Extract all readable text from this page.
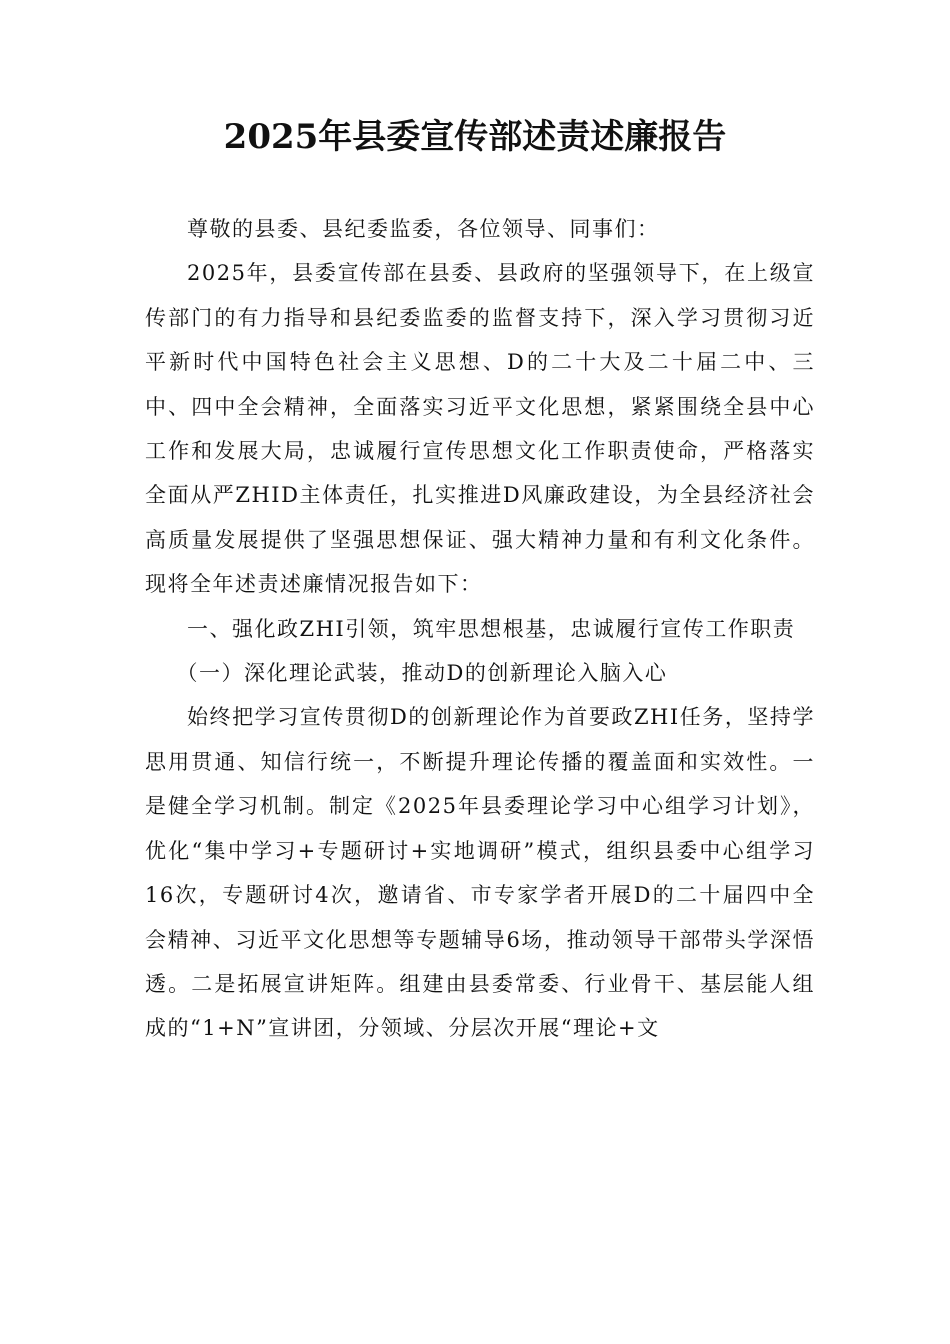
2025年县委宣传部述责述廉报告

尊敬的县委、县纪委监委，各位领导、同事们：

2025年，县委宣传部在县委、县政府的坚强领导下，在上级宣传部门的有力指导和县纪委监委的监督支持下，深入学习贯彻习近平新时代中国特色社会主义思想、D的二十大及二十届二中、三中、四中全会精神，全面落实习近平文化思想，紧紧围绕全县中心工作和发展大局，忠诚履行宣传思想文化工作职责使命，严格落实全面从严ZHID主体责任，扎实推进D风廉政建设，为全县经济社会高质量发展提供了坚强思想保证、强大精神力量和有利文化条件。现将全年述责述廉情况报告如下：

一、强化政ZHI引领，筑牢思想根基，忠诚履行宣传工作职责

（一）深化理论武装，推动D的创新理论入脑入心

始终把学习宣传贯彻D的创新理论作为首要政ZHI任务，坚持学思用贯通、知信行统一，不断提升理论传播的覆盖面和实效性。一是健全学习机制。制定《2025年县委理论学习中心组学习计划》，优化“集中学习+专题研讨+实地调研”模式，组织县委中心组学习16次，专题研讨4次，邀请省、市专家学者开展D的二十届四中全会精神、习近平文化思想等专题辅导6场，推动领导干部带头学深悟透。二是拓展宣讲矩阵。组建由县委常委、行业骨干、基层能人组成的“1+N”宣讲团，分领域、分层次开展“理论+文
